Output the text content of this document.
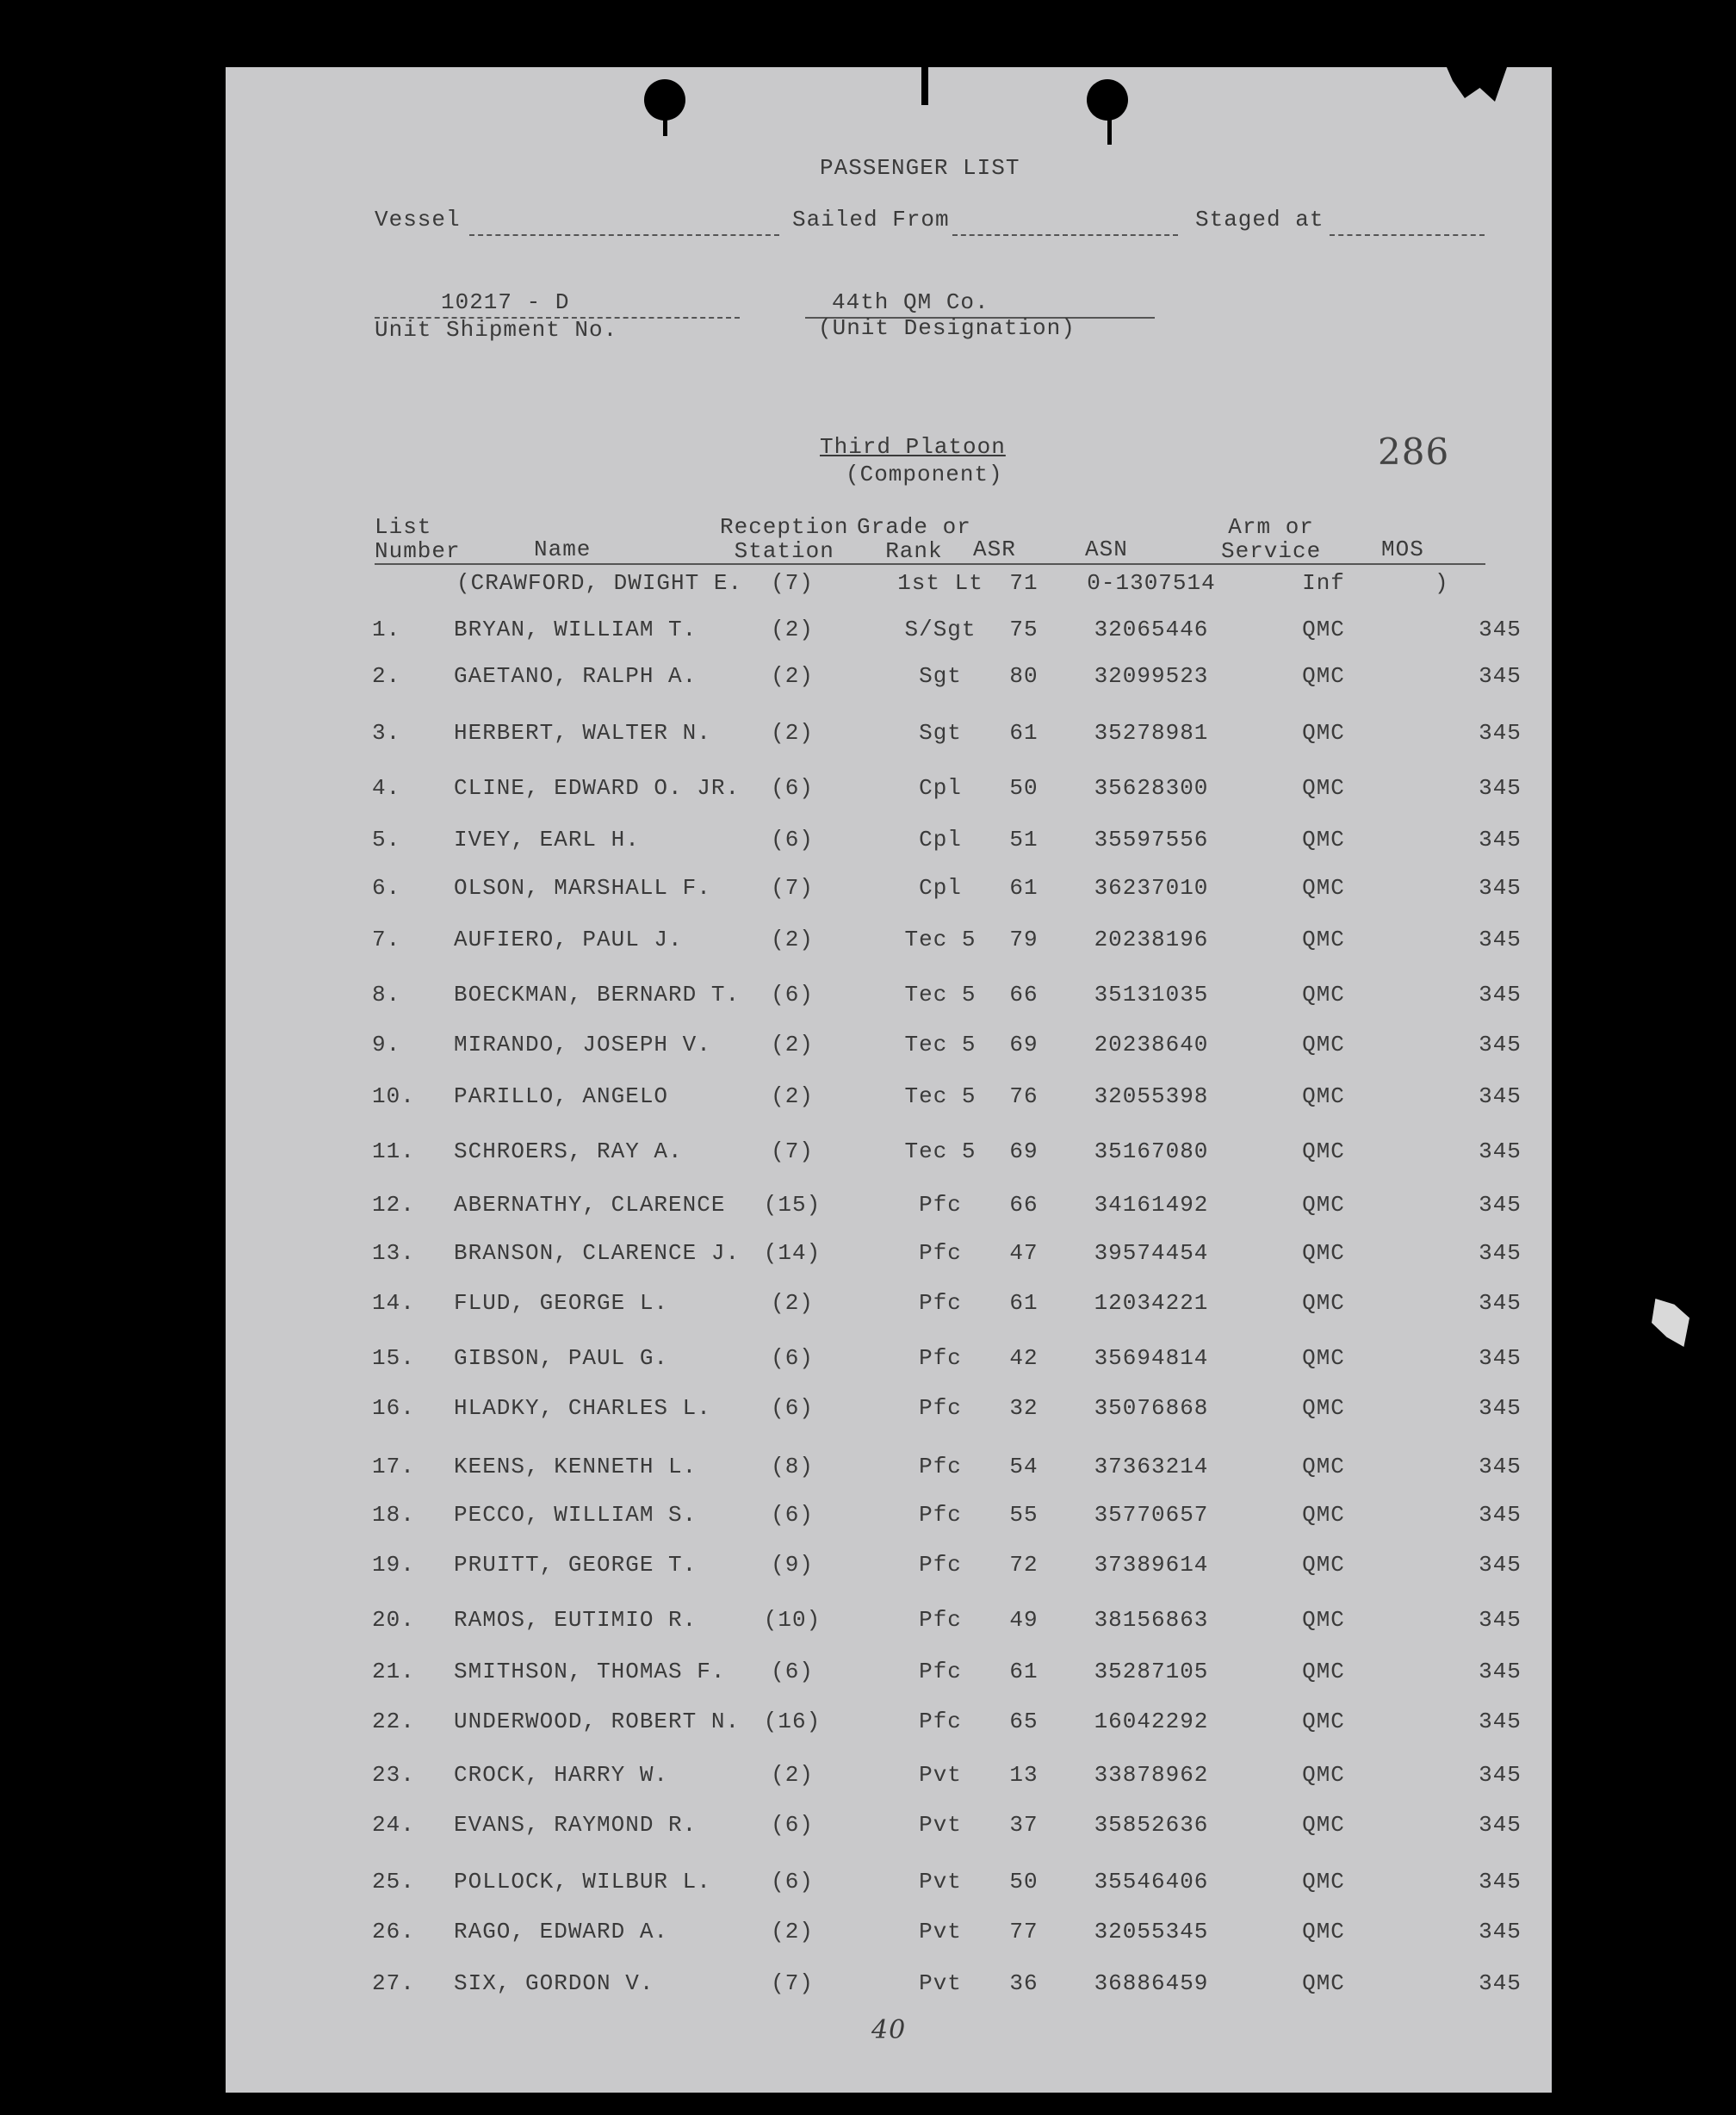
PASSENGER LIST
Vessel	Sailed From	Staged at
10217 - D
Unit Shipment No.
44th QM Co.
(Unit Designation)
Third Platoon
(Component)
286
List
Number	Name
Reception
Station
Grade or
Rank	ASR	ASN
Arm or
Service	MOS
(CRAWFORD, DWIGHT E.	(7)	1st Lt	71	0-1307514	Inf	)
1. BRYAN, WILLIAM T.	(2)	S/Sgt	75	32065446	QMC	345
2. GAETANO, RALPH A.	(2)	Sgt	80	32099523	QMC	345
3. HERBERT, WALTER N.	(2)	Sgt	61	35278981	QMC	345
4. CLINE, EDWARD O. JR.	(6)	Cpl	50	35628300	QMC	345
5. IVEY, EARL H.	(6)	Cpl	51	35597556	QMC	345
6. OLSON, MARSHALL F.	(7)	Cpl	61	36237010	QMC	345
7. AUFIERO, PAUL J.	(2)	Tec 5	79	20238196	QMC	345
8. BOECKMAN, BERNARD T.	(6)	Tec 5	66	35131035	QMC	345
9. MIRANDO, JOSEPH V.	(2)	Tec 5	69	20238640	QMC	345
10. PARILLO, ANGELO	(2)	Tec 5	76	32055398	QMC	345
11. SCHROERS, RAY A.	(7)	Tec 5	69	35167080	QMC	345
12. ABERNATHY, CLARENCE	(15)	Pfc	66	34161492	QMC	345
13. BRANSON, CLARENCE J.	(14)	Pfc	47	39574454	QMC	345
14. FLUD, GEORGE L.	(2)	Pfc	61	12034221	QMC	345
15. GIBSON, PAUL G.	(6)	Pfc	42	35694814	QMC	345
16. HLADKY, CHARLES L.	(6)	Pfc	32	35076868	QMC	345
17. KEENS, KENNETH L.	(8)	Pfc	54	37363214	QMC	345
18. PECCO, WILLIAM S.	(6)	Pfc	55	35770657	QMC	345
19. PRUITT, GEORGE T.	(9)	Pfc	72	37389614	QMC	345
20. RAMOS, EUTIMIO R.	(10)	Pfc	49	38156863	QMC	345
21. SMITHSON, THOMAS F.	(6)	Pfc	61	35287105	QMC	345
22. UNDERWOOD, ROBERT N.	(16)	Pfc	65	16042292	QMC	345
23. CROCK, HARRY W.	(2)	Pvt	13	33878962	QMC	345
24. EVANS, RAYMOND R.	(6)	Pvt	37	35852636	QMC	345
25. POLLOCK, WILBUR L.	(6)	Pvt	50	35546406	QMC	345
26. RAGO, EDWARD A.	(2)	Pvt	77	32055345	QMC	345
27. SIX, GORDON V.	(7)	Pvt	36	36886459	QMC	345
40
